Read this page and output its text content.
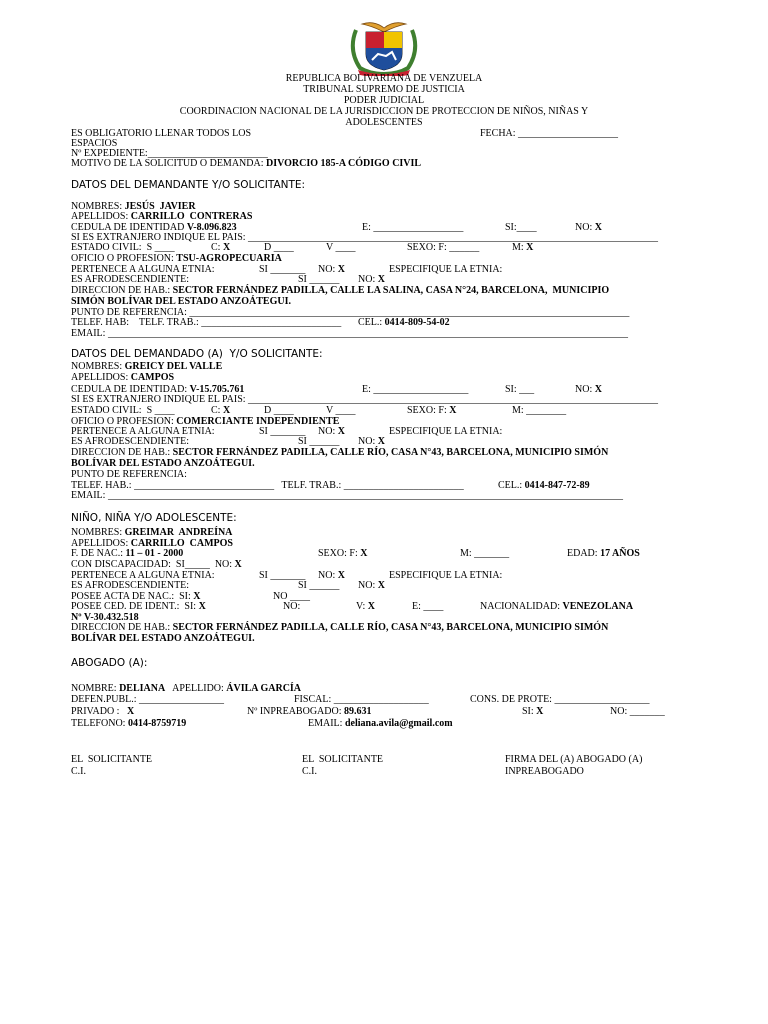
REPUBLICA BOLIVARIANA DE VENZUELA
TRIBUNAL SUPREMO DE JUSTICIA
PODER JUDICIAL
COORDINACION NACIONAL DE LA JURISDICCION DE PROTECCION DE NIÑOS, NIÑAS Y
ADOLESCENTES
ES OBLIGATORIO LLENAR TODOS LOS	FECHA: ____________________
ESPACIOS
Nº EXPEDIENTE:________________________
MOTIVO DE LA SOLICITUD O DEMANDA: DIVORCIO 185-A CÓDIGO CIVIL
DATOS DEL DEMANDANTE Y/O SOLICITANTE:
NOMBRES: JESÚS  JAVIER
APELLIDOS: CARRILLO  CONTRERAS
CEDULA DE IDENTIDAD V-8.096.823	E: __________________	SI:____	NO: X
SI ES EXTRANJERO INDIQUE EL PAIS: __________________________________________________________________________________
ESTADO CIVIL:  S ____	C: X	D ____	V ____	SEXO: F: ______	M: X
OFICIO O PROFESION: TSU-AGROPECUARIA
PERTENECE A ALGUNA ETNIA:	SI _______ NO: X	ESPECIFIQUE LA ETNIA:
ES AFRODESCENDIENTE:	SI ______ NO: X
DIRECCION DE HAB.: SECTOR FERNÁNDEZ PADILLA, CALLE LA SALINA, CASA N°24, BARCELONA,  MUNICIPIO
SIMÓN BOLÍVAR DEL ESTADO ANZOÁTEGUI.
PUNTO DE REFERENCIA: ________________________________________________________________________________________
TELEF. HAB:    TELF. TRAB.: ____________________________ CEL.: 0414-809-54-02
EMAIL: ________________________________________________________________________________________________________
DATOS DEL DEMANDADO (A)  Y/O SOLICITANTE:
NOMBRES: GREICY DEL VALLE
APELLIDOS: CAMPOS
CEDULA DE IDENTIDAD: V-15.705.761	E: ___________________	SI: ___	NO: X
SI ES EXTRANJERO INDIQUE EL PAIS: __________________________________________________________________________________
ESTADO CIVIL:  S ____	C: X	D ____	V ____	SEXO: F: X	M: ________
OFICIO O PROFESION: COMERCIANTE INDEPENDIENTE
PERTENECE A ALGUNA ETNIA:	SI _______ NO: X	ESPECIFIQUE LA ETNIA:
ES AFRODESCENDIENTE:	SI ______ NO: X
DIRECCION DE HAB.: SECTOR FERNÁNDEZ PADILLA, CALLE RÍO, CASA N°43, BARCELONA, MUNICIPIO SIMÓN
BOLÍVAR DEL ESTADO ANZOÁTEGUI.
PUNTO DE REFERENCIA:
TELEF. HAB.: ____________________________   TELF. TRAB.: ________________________	CEL.: 0414-847-72-89
EMAIL: _______________________________________________________________________________________________________
NIÑO, NIÑA Y/O ADOLESCENTE:
NOMBRES: GREIMAR  ANDREÍNA
APELLIDOS: CARRILLO  CAMPOS
F. DE NAC.: 11 – 01 - 2000	SEXO: F: X	M: _______	EDAD: 17 AÑOS
CON DISCAPACIDAD:  SI_____  NO: X
PERTENECE A ALGUNA ETNIA:	SI _______ NO: X	ESPECIFIQUE LA ETNIA:
ES AFRODESCENDIENTE:	SI ______ NO: X
POSEE ACTA DE NAC.:  SI: X	NO ____
POSEE CED. DE IDENT.:  SI: X	NO:	V: X	E: ____	NACIONALIDAD: VENEZOLANA
Nº V-30.432.518
DIRECCION DE HAB.: SECTOR FERNÁNDEZ PADILLA, CALLE RÍO, CASA N°43, BARCELONA, MUNICIPIO SIMÓN
BOLÍVAR DEL ESTADO ANZOÁTEGUI.
ABOGADO (A):
NOMBRE: DELIANA   APELLIDO: ÁVILA GARCÍA
DEFEN.PUBL.: _________________	FISCAL: ___________________	CONS. DE PROTE: ___________________
PRIVADO :   X	Nº INPREABOGADO: 89.631	SI: X	NO: _______
TELEFONO: 0414-8759719	EMAIL: deliana.avila@gmail.com
EL  SOLICITANTE
C.I.
EL  SOLICITANTE
C.I.
FIRMA DEL (A) ABOGADO (A)
INPREABOGADO
